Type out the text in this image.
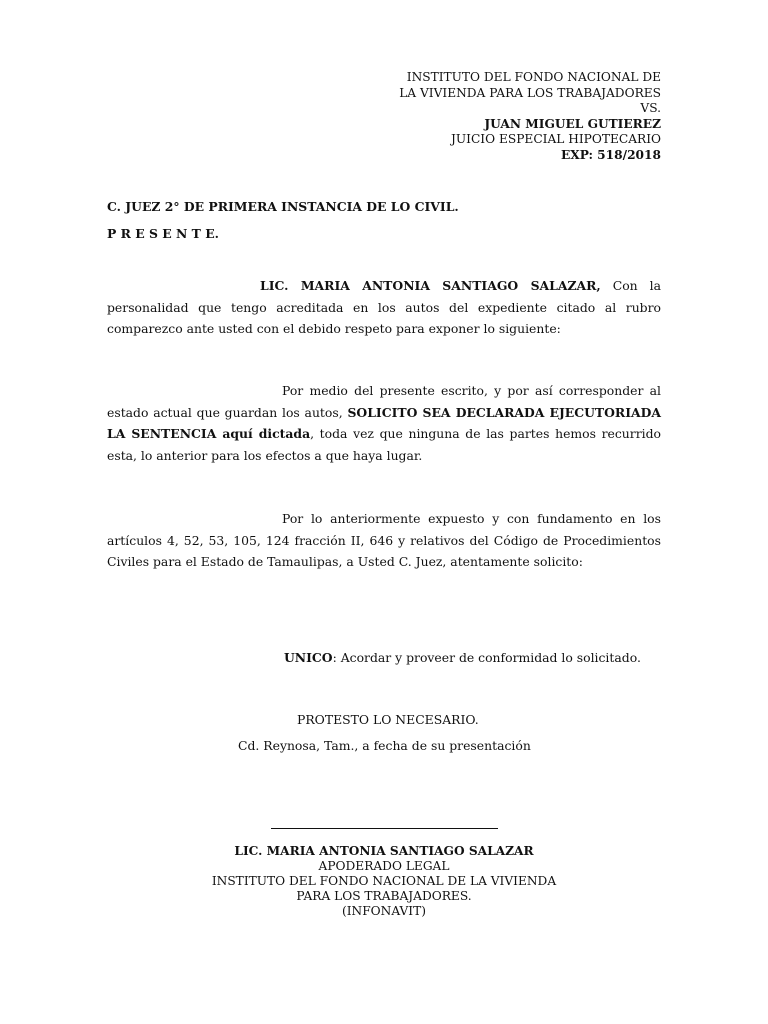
INSTITUTO DEL FONDO NACIONAL DE
LA VIVIENDA PARA LOS TRABAJADORES
VS.
JUAN MIGUEL GUTIEREZ
JUICIO ESPECIAL HIPOTECARIO
EXP: 518/2018
C. JUEZ 2° DE PRIMERA INSTANCIA DE LO CIVIL.
P R E S E N T E.
LIC. MARIA ANTONIA SANTIAGO SALAZAR, Con la personalidad que tengo acreditada en los autos del expediente citado al rubro comparezco ante usted con el debido respeto para exponer lo siguiente:
Por medio del presente escrito, y por así corresponder al estado actual que guardan los autos, SOLICITO SEA DECLARADA EJECUTORIADA LA SENTENCIA aquí dictada, toda vez que ninguna de las partes hemos recurrido esta, lo anterior para los efectos a que haya lugar.
Por lo anteriormente expuesto y con fundamento en los artículos 4, 52, 53, 105, 124 fracción II, 646 y relativos del Código de Procedimientos Civiles para el Estado de Tamaulipas, a Usted C. Juez, atentamente solicito:
UNICO: Acordar y proveer de conformidad lo solicitado.
PROTESTO LO NECESARIO.
Cd. Reynosa, Tam., a fecha de su presentación
LIC. MARIA ANTONIA SANTIAGO SALAZAR
APODERADO LEGAL
INSTITUTO DEL FONDO NACIONAL DE LA VIVIENDA
PARA LOS TRABAJADORES.
(INFONAVIT)
